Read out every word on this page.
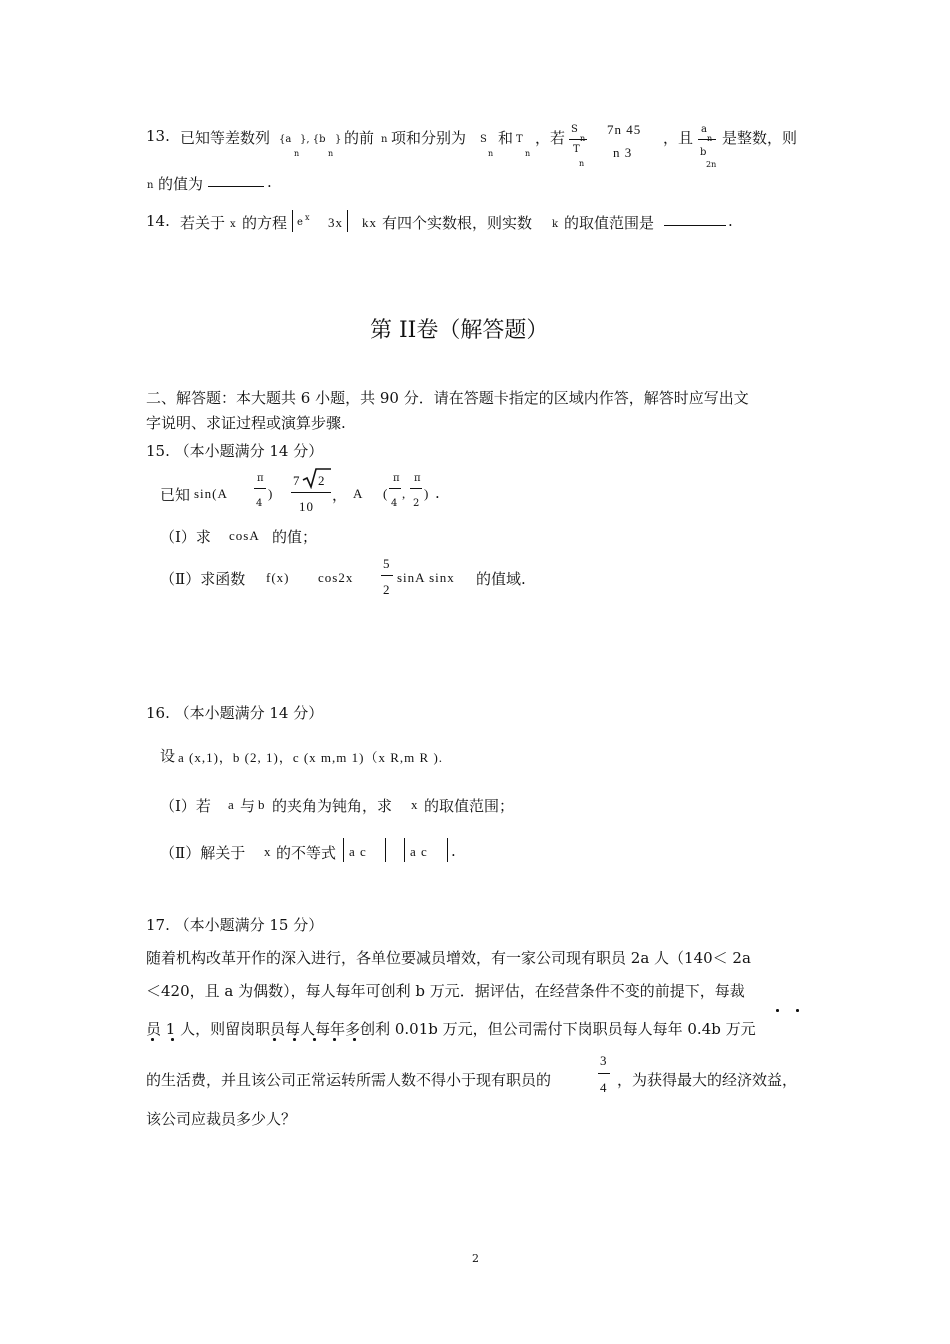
13. 已知等差数列 {a
n
}, {b
n
} 的前 n 项和分别为 S
n
和 T
n
，若 S
T
n
7n 45
n 3
，且 a
b
2n
是整数，则
n 的值为	.
14. 若关于 x 的方程 e x 3x kx 有四个实数根，则实数 k 的取值范围是	.
第 II卷（解答题）
二、解答题：本大题共 6 小题，共 90 分．请在答题卡指定的区域内作答，解答时应写出文
字说明、求证过程或演算步骤.
15. （本小题满分 14 分）
已知 sin(A
π
4
)
7 2
10
， A (
π
4
,
π
2
) .
（Ⅰ）求 cosA 的值；
（Ⅱ）求函数 f(x) cos2x
5
2
sinA sinx 的值域.
16. （本小题满分 14 分）
设 a (x,1)，b (2, 1)，c (x m,m 1)（x R,m R ).
（Ⅰ）若 a 与 b 的夹角为钝角，求 x 的取值范围；
（Ⅱ）解关于 x 的不等式 a c	a c .
17. （本小题满分 15 分）
随着机构改革开作的深入进行，各单位要减员增效，有一家公司现有职员 2a 人（140＜ 2a
＜420，且 a 为偶数），每人每年可创利 b 万元．据评估，在经营条件不变的前提下，每裁
员 1 人，则留岗职员每人每年多创利 0.01b 万元，但公司需付下岗职员每人每年 0.4b 万元
的生活费，并且该公司正常运转所需人数不得小于现有职员的
3
4 ，为获得最大的经济效益，
该公司应裁员多少人？
2
